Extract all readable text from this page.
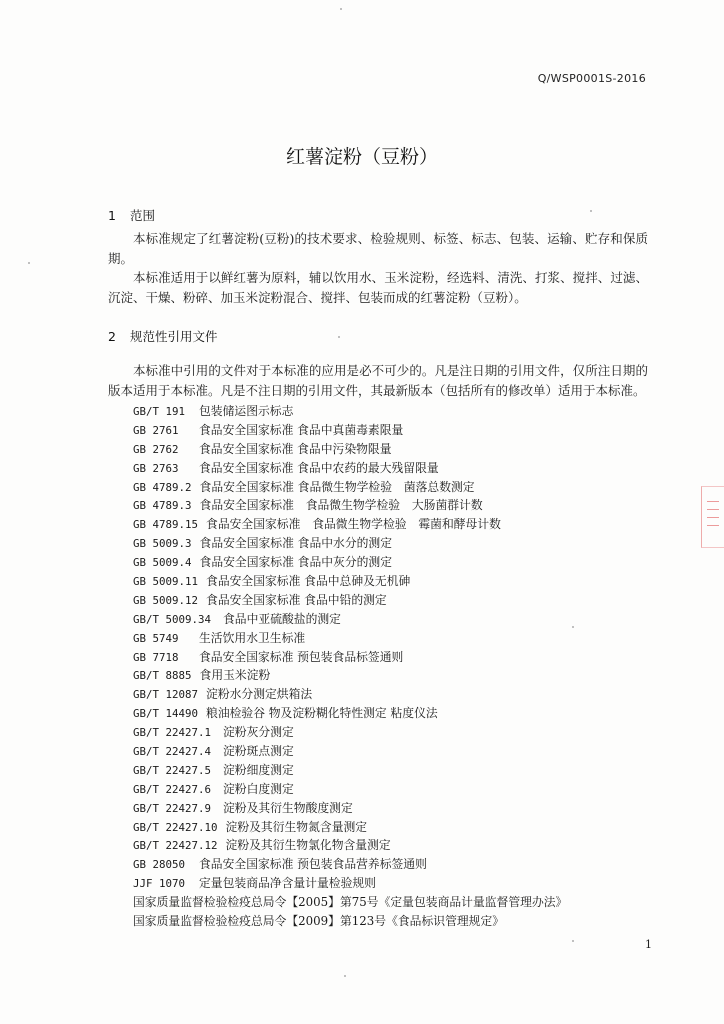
Q/WSP0001S-2016
红薯淀粉（豆粉）
1 范围

本标准规定了红薯淀粉(豆粉)的技术要求、检验规则、标签、标志、包装、运输、贮存和保质期。

本标准适用于以鲜红薯为原料，辅以饮用水、玉米淀粉，经选料、清洗、打浆、搅拌、过滤、沉淀、干燥、粉碎、加玉米淀粉混合、搅拌、包装而成的红薯淀粉（豆粉）。

2 规范性引用文件

本标准中引用的文件对于本标准的应用是必不可少的。凡是注日期的引用文件，仅所注日期的版本适用于本标准。凡是不注日期的引用文件，其最新版本（包括所有的修改单）适用于本标准。

GB/T 191 包装储运图示标志
GB 2761 食品安全国家标准 食品中真菌毒素限量
GB 2762 食品安全国家标准 食品中污染物限量
GB 2763 食品安全国家标准 食品中农药的最大残留限量
GB 4789.2 食品安全国家标准 食品微生物学检验　菌落总数测定
GB 4789.3 食品安全国家标准　食品微生物学检验　大肠菌群计数
GB 4789.15 食品安全国家标准　食品微生物学检验　霉菌和酵母计数
GB 5009.3 食品安全国家标准 食品中水分的测定
GB 5009.4 食品安全国家标准 食品中灰分的测定
GB 5009.11 食品安全国家标准 食品中总砷及无机砷
GB 5009.12 食品安全国家标准 食品中铅的测定
GB/T 5009.34 食品中亚硫酸盐的测定
GB 5749 生活饮用水卫生标准
GB 7718 食品安全国家标准 预包装食品标签通则
GB/T 8885 食用玉米淀粉
GB/T 12087 淀粉水分测定烘箱法
GB/T 14490 粮油检验谷 物及淀粉糊化特性测定 粘度仪法
GB/T 22427.1 淀粉灰分测定
GB/T 22427.4 淀粉斑点测定
GB/T 22427.5 淀粉细度测定
GB/T 22427.6 淀粉白度测定
GB/T 22427.9 淀粉及其衍生物酸度测定
GB/T 22427.10 淀粉及其衍生物氮含量测定
GB/T 22427.12 淀粉及其衍生物氯化物含量测定
GB 28050 食品安全国家标准 预包装食品营养标签通则
JJF 1070 定量包装商品净含量计量检验规则
国家质量监督检验检疫总局令【2005】第75号《定量包装商品计量监督管理办法》
国家质量监督检验检疫总局令【2009】第123号《食品标识管理规定》
1
